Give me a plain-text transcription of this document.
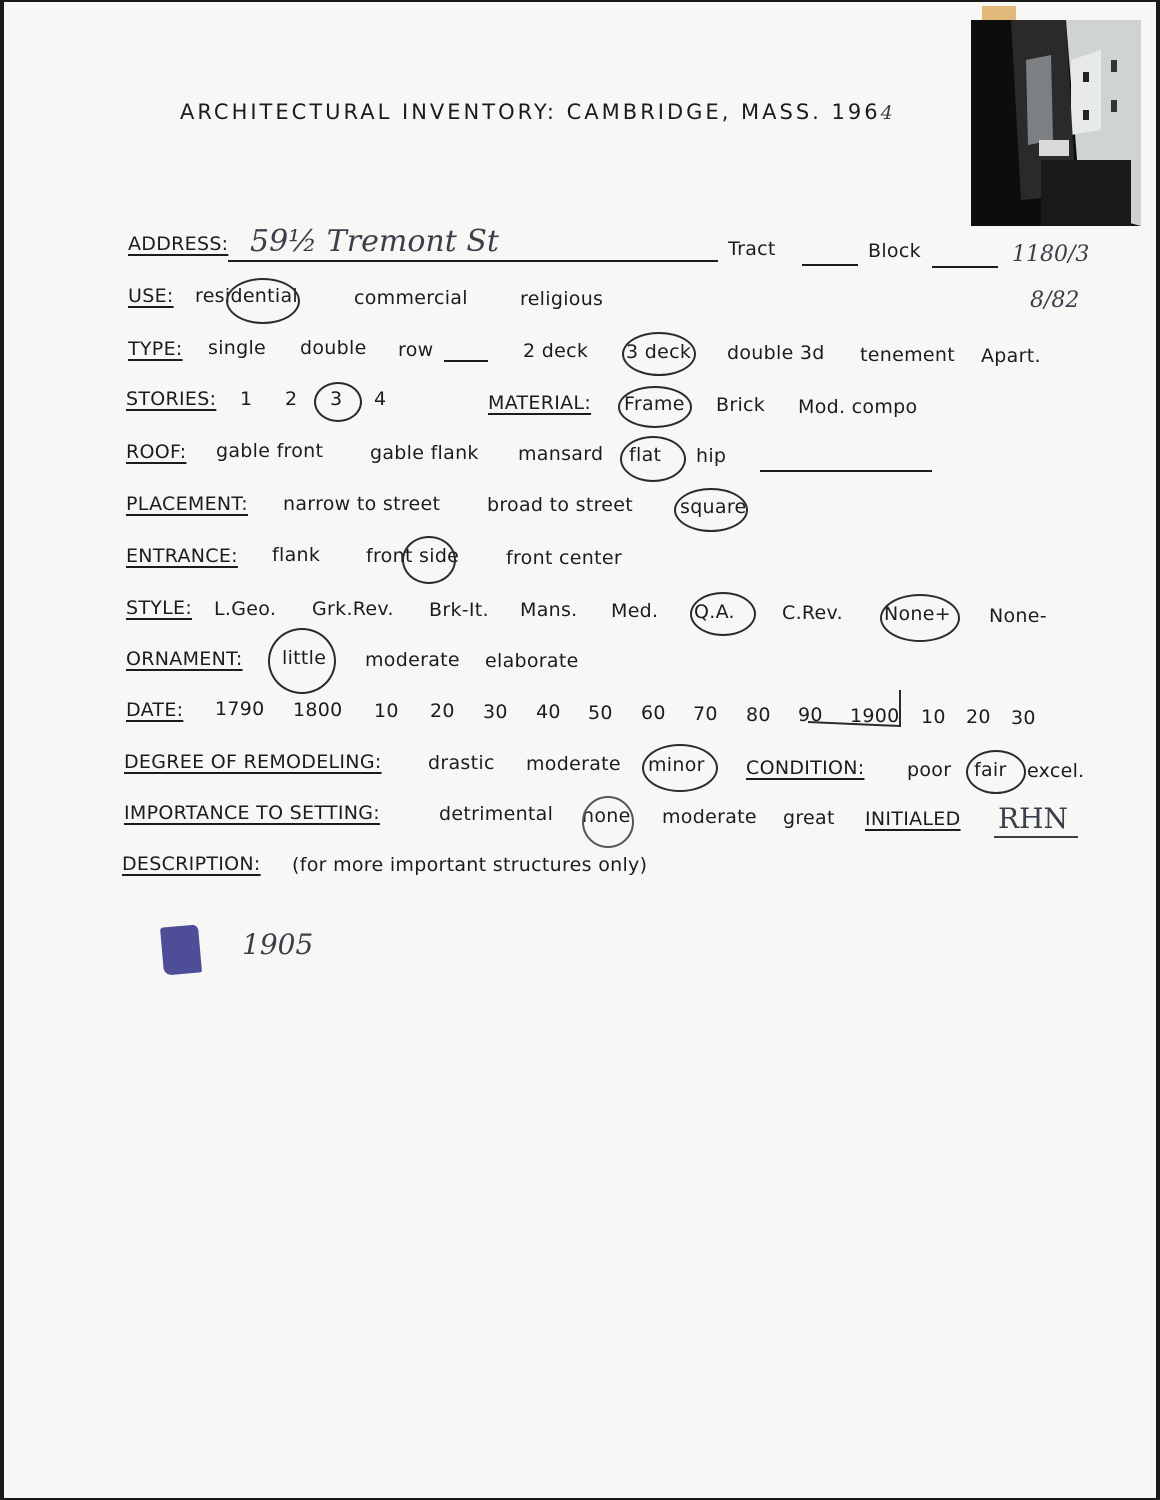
ARCHITECTURAL INVENTORY: CAMBRIDGE, MASS. 1964
ADDRESS: 59½ Tremont St	Tract	Block	1180/3
8/82
USE: residential	commercial	religious
TYPE: single double row	2 deck 3 deck double 3d tenement Apart.
STORIES: 1 2 3 4	MATERIAL: Frame Brick Mod. compo
ROOF: gable front gable flank mansard flat hip
PLACEMENT: narrow to street broad to street square
ENTRANCE: flank front side front center
STYLE: L.Geo. Grk.Rev. Brk-It. Mans. Med. Q.A. C.Rev. None+ None-
ORNAMENT: little moderate elaborate
DATE: 1790 1800 10 20 30 40 50 60 70 80 90 1900 10 20 30
DEGREE OF REMODELING: drastic moderate minor CONDITION: poor fair excel.
IMPORTANCE TO SETTING:	detrimental none moderate great INITIALED RHN
DESCRIPTION: (for more important structures only)
1905
